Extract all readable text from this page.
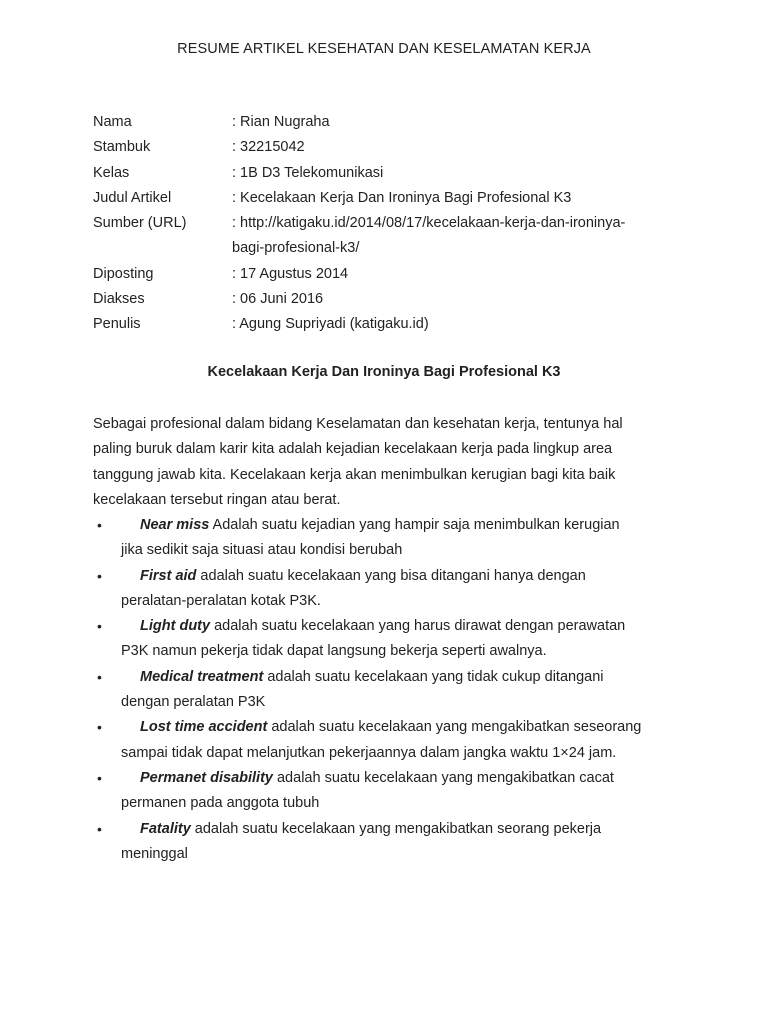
RESUME ARTIKEL KESEHATAN DAN KESELAMATAN KERJA
Nama	: Rian Nugraha
Stambuk	: 32215042
Kelas	: 1B D3 Telekomunikasi
Judul Artikel	: Kecelakaan Kerja Dan Ironinya Bagi Profesional K3
Sumber (URL)	: http://katigaku.id/2014/08/17/kecelakaan-kerja-dan-ironinya-
bagi-profesional-k3/
Diposting	: 17 Agustus 2014
Diakses	: 06 Juni 2016
Penulis	: Agung Supriyadi (katigaku.id)
Kecelakaan Kerja Dan Ironinya Bagi Profesional K3
Sebagai profesional dalam bidang Keselamatan dan kesehatan kerja, tentunya hal
paling buruk dalam karir kita adalah kejadian kecelakaan kerja pada lingkup area
tanggung jawab kita. Kecelakaan kerja akan menimbulkan kerugian bagi kita baik
kecelakaan tersebut ringan atau berat.
•	Near miss Adalah suatu kejadian yang hampir saja menimbulkan kerugian
jika sedikit saja situasi atau kondisi berubah
•	First aid adalah suatu kecelakaan yang bisa ditangani hanya dengan
peralatan-peralatan kotak P3K.
•	Light duty adalah suatu kecelakaan yang harus dirawat dengan perawatan
P3K namun pekerja tidak dapat langsung bekerja seperti awalnya.
•	Medical treatment adalah suatu kecelakaan yang tidak cukup ditangani
dengan peralatan P3K
•	Lost time accident adalah suatu kecelakaan yang mengakibatkan seseorang
sampai tidak dapat melanjutkan pekerjaannya dalam jangka waktu 1×24 jam.
•	Permanet disability adalah suatu kecelakaan yang mengakibatkan cacat
permanen pada anggota tubuh
•	Fatality adalah suatu kecelakaan yang mengakibatkan seorang pekerja
meninggal
